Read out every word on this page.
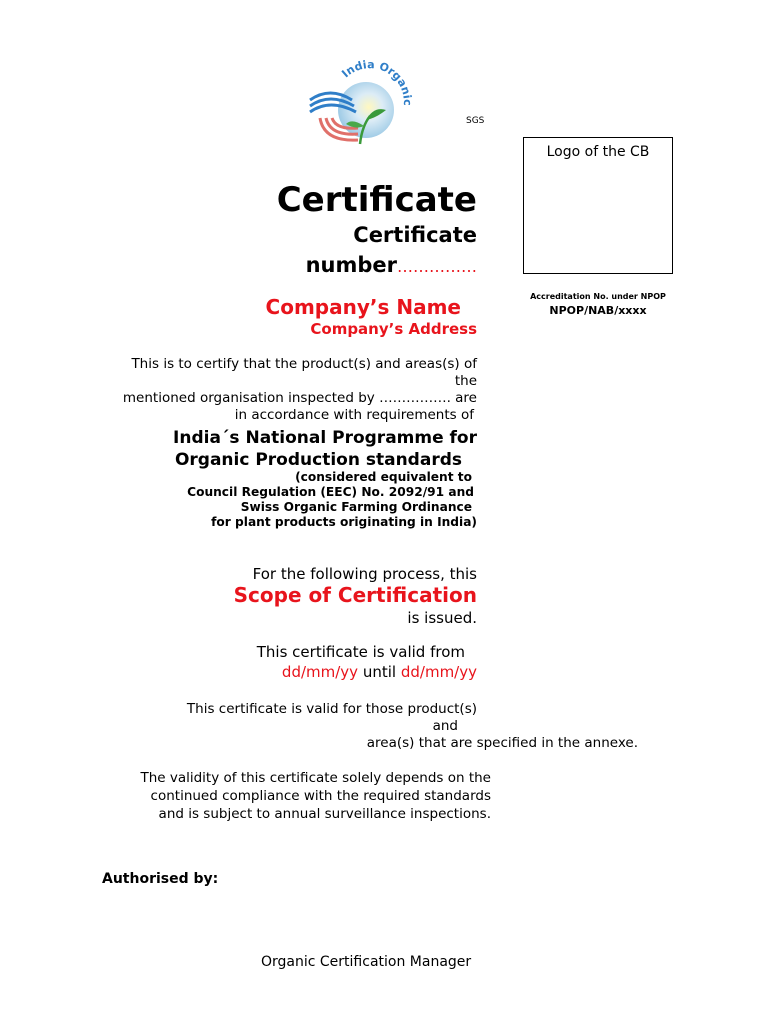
India Organ
SGS
Logo of the CB
Accreditation No. under NPOP
NPOP/NAB/xxxx
Certificate
Certificate
number……………
Company’s Name
Company’s Address
This is to certify that the product(s) and areas(s) of
the
mentioned organisation inspected by ……………. are
in accordance with requirements of
India´s National Programme for
Organic Production standards
(considered equivalent to
Council Regulation (EEC) No. 2092/91 and
Swiss Organic Farming Ordinance
for plant products originating in India)
For the following process, this
Scope of Certification
is issued.
This certificate is valid from
dd/mm/yy until dd/mm/yy
This certificate is valid for those product(s)
and
area(s) that are specified in the annexe.
The validity of this certificate solely depends on the
continued compliance with the required standards
and is subject to annual surveillance inspections.
Authorised by:
Organic Certification Manager
